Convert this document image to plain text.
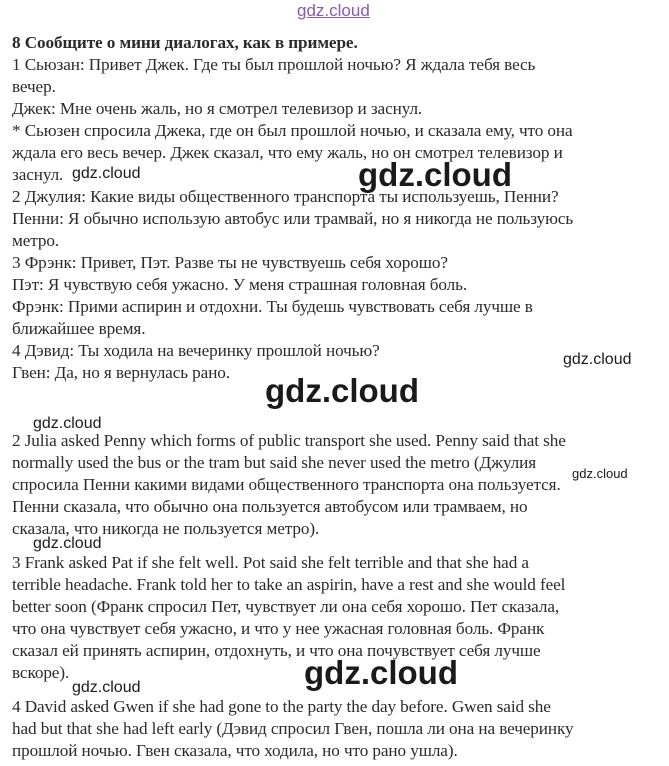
gdz.cloud
8 Сообщите о мини диалогах, как в примере.
1 Сьюзан: Привет Джек. Где ты был прошлой ночью? Я ждала тебя весь
вечер.
Джек: Мне очень жаль, но я смотрел телевизор и заснул.
* Сьюзен спросила Джека, где он был прошлой ночью, и сказала ему, что она
ждала его весь вечер. Джек сказал, что ему жаль, но он смотрел телевизор и
заснул.
2 Джулия: Какие виды общественного транспорта ты используешь, Пенни?
Пенни: Я обычно использую автобус или трамвай, но я никогда не пользуюсь
метро.
3 Фрэнк: Привет, Пэт. Разве ты не чувствуешь себя хорошо?
Пэт: Я чувствую себя ужасно. У меня страшная головная боль.
Фрэнк: Прими аспирин и отдохни. Ты будешь чувствовать себя лучше в
ближайшее время.
4 Дэвид: Ты ходила на вечеринку прошлой ночью?
Гвен: Да, но я вернулась рано.
2 Julia asked Penny which forms of public transport she used. Penny said that she
normally used the bus or the tram but said she never used the metro (Джулия
спросила Пенни какими видами общественного транспорта она пользуется.
Пенни сказала, что обычно она пользуется автобусом или трамваем, но
сказала, что никогда не пользуется метро).
3 Frank asked Pat if she felt well. Pot said she felt terrible and that she had a
terrible headache. Frank told her to take an aspirin, have a rest and she would feel
better soon (Франк спросил Пет, чувствует ли она себя хорошо. Пет сказала,
что она чувствует себя ужасно, и что у нее ужасная головная боль. Франк
сказал ей принять аспирин, отдохнуть, и что она почувствует себя лучше
вскоре).
4 David asked Gwen if she had gone to the party the day before. Gwen said she
had but that she had left early (Дэвид спросил Гвен, пошла ли она на вечеринку
прошлой ночью. Гвен сказала, что ходила, но что рано ушла).
gdz.cloud	gdz.cloud
gdz.cloud
gdz.cloud
gdz.cloud
gdz.cloud
gdz.cloud
gdz.cloud
gdz.cloud
